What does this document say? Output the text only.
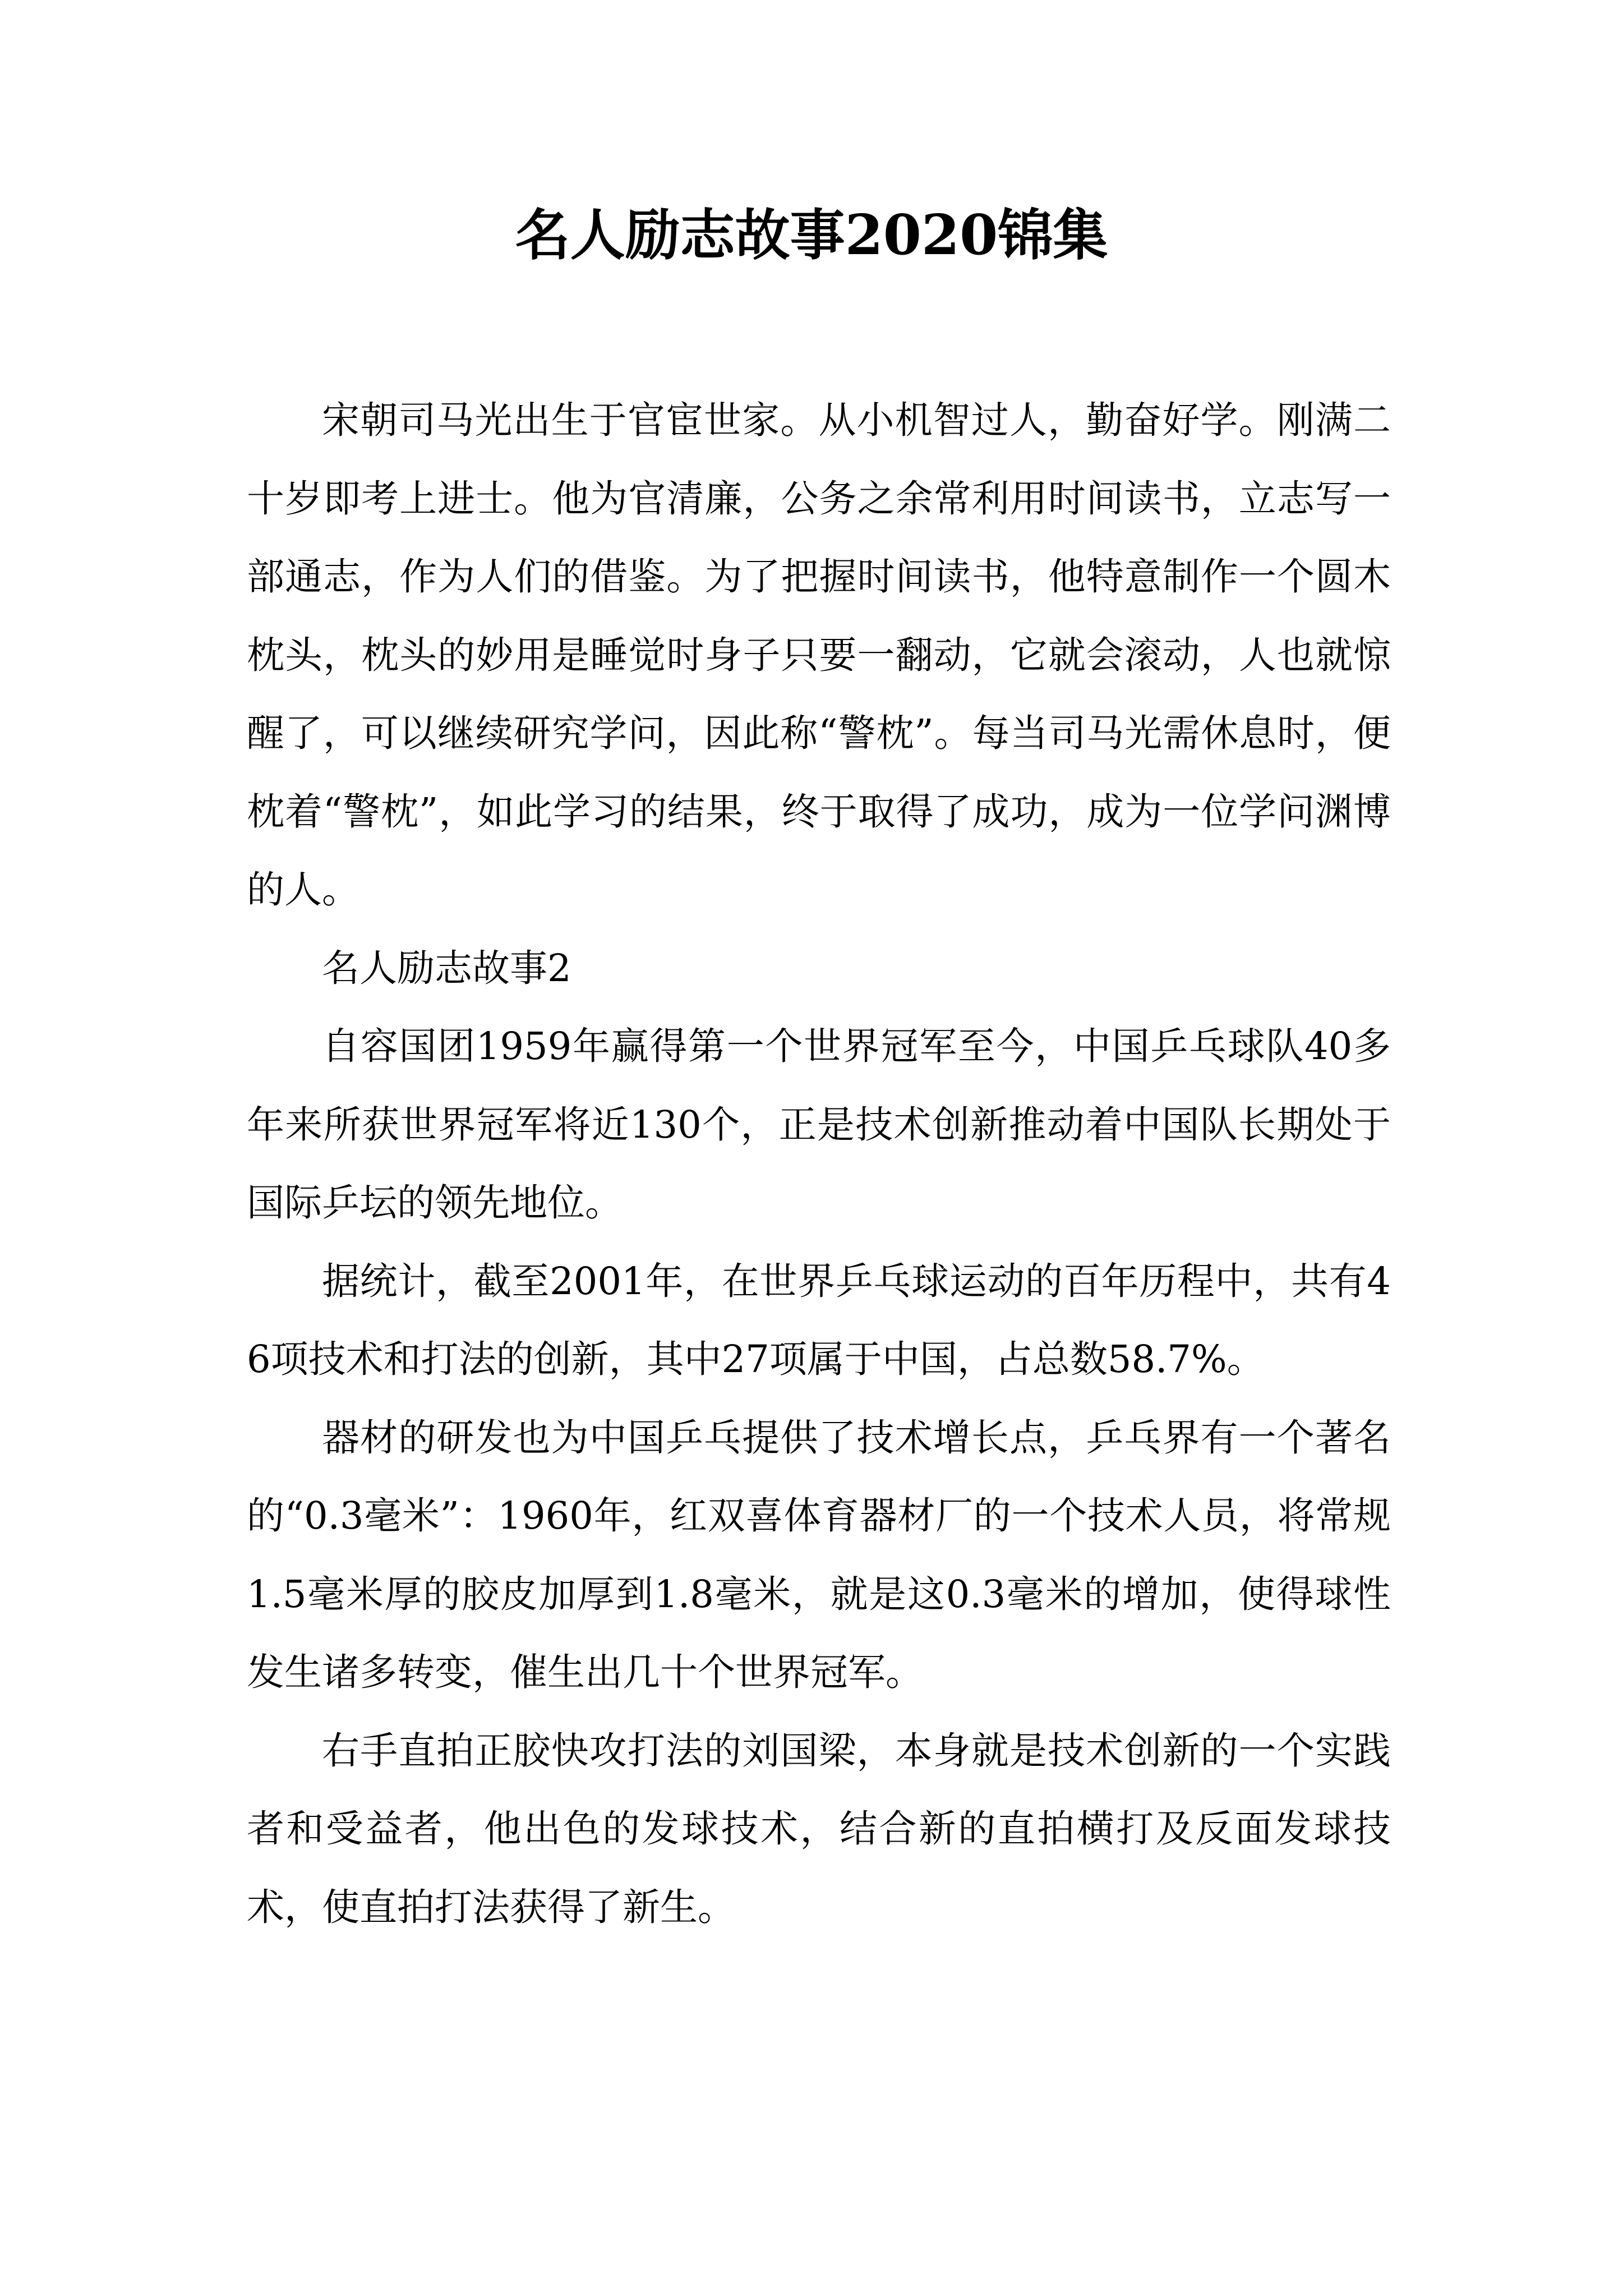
名人励志故事2020锦集

宋朝司马光出生于官宦世家。从小机智过人，勤奋好学。刚满二十岁即考上进士。他为官清廉，公务之余常利用时间读书，立志写一部通志，作为人们的借鉴。为了把握时间读书，他特意制作一个圆木枕头，枕头的妙用是睡觉时身子只要一翻动，它就会滚动，人也就惊醒了，可以继续研究学问，因此称“警枕”。每当司马光需休息时，便枕着“警枕”，如此学习的结果，终于取得了成功，成为一位学问渊博的人。

名人励志故事2

自容国团1959年赢得第一个世界冠军至今，中国乒乓球队40多年来所获世界冠军将近130个，正是技术创新推动着中国队长期处于国际乒坛的领先地位。

据统计，截至2001年，在世界乒乓球运动的百年历程中，共有46项技术和打法的创新，其中27项属于中国，占总数58.7%。

器材的研发也为中国乒乓提供了技术增长点，乒乓界有一个著名的“0.3毫米”：1960年，红双喜体育器材厂的一个技术人员，将常规1.5毫米厚的胶皮加厚到1.8毫米，就是这0.3毫米的增加，使得球性发生诸多转变，催生出几十个世界冠军。

右手直拍正胶快攻打法的刘国梁，本身就是技术创新的一个实践者和受益者，他出色的发球技术，结合新的直拍横打及反面发球技术，使直拍打法获得了新生。
